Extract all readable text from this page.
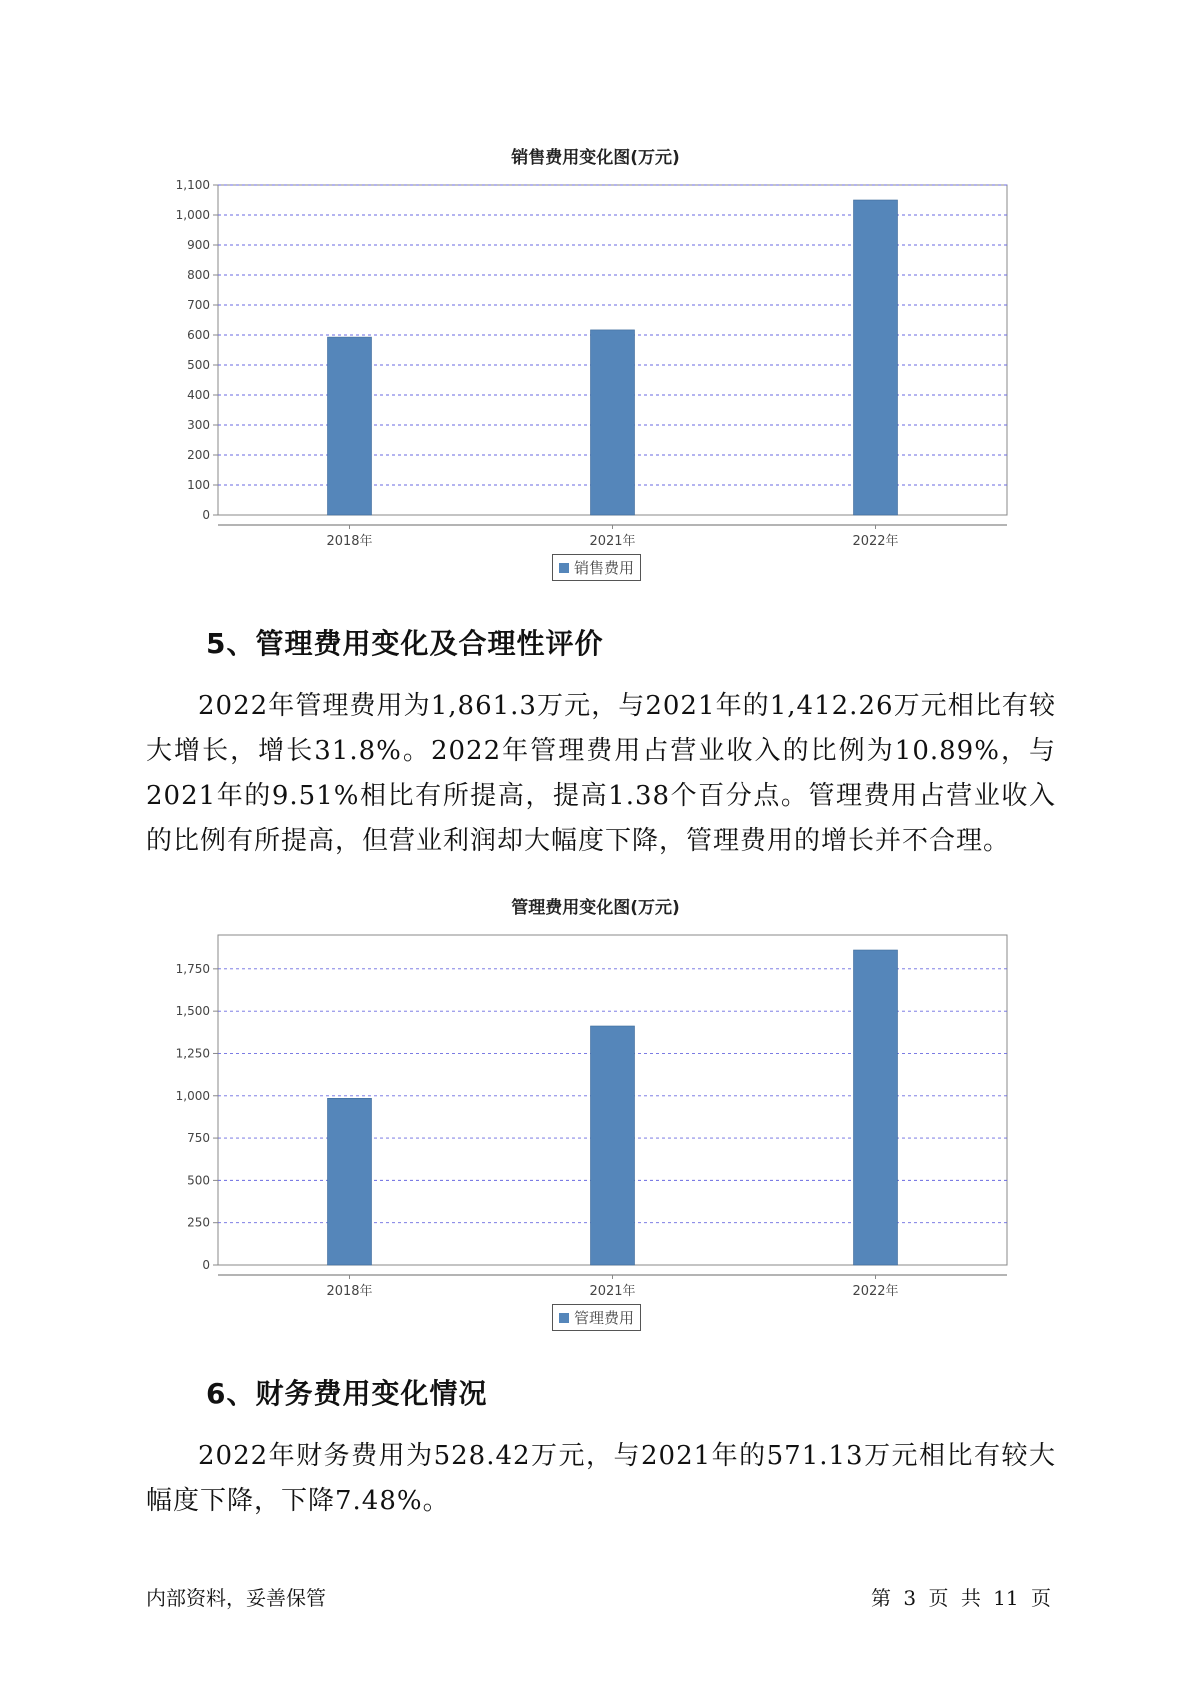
销售费用变化图(万元)
0
100
200
300
400
500
600
700
800
900
1,000
1,100
2018年	2021年	2022年
销售费用
5、管理费用变化及合理性评价

2022年管理费用为1,861.3万元，与2021年的1,412.26万元相比有较大增长，增长31.8%。2022年管理费用占营业收入的比例为10.89%，与2021年的9.51%相比有所提高，提高1.38个百分点。管理费用占营业收入的比例有所提高，但营业利润却大幅度下降，管理费用的增长并不合理。

管理费用变化图(万元)
0
250
500
750
1,000
1,250
1,500
1,750
2018年	2021年	2022年
管理费用
6、财务费用变化情况

2022年财务费用为528.42万元，与2021年的571.13万元相比有较大幅度下降，下降7.48%。

内部资料，妥善保管	第 3 页 共 11 页
